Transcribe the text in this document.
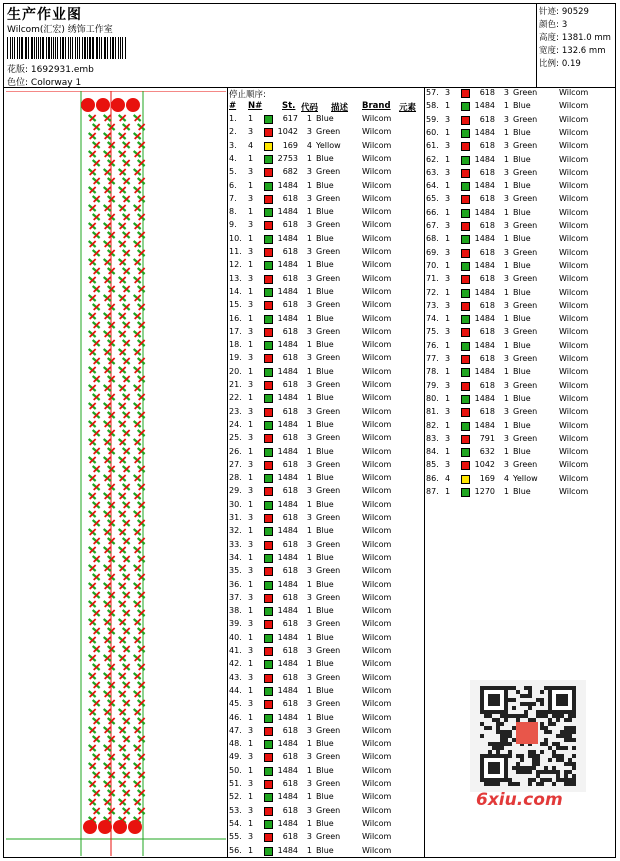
生产作业图
Wilcom(汇宏) 绣饰工作室
花版: 1692931.emb
色位: Colorway 1
针迹: 90529
颜色: 3
高度: 1381.0 mm
宽度: 132.6 mm
比例: 0.19
停止顺序:
# N# St. 代码 描述 Brand 元素
1. 1	617	1 Blue	Wilcom
2. 3	1042	3 Green	Wilcom
3. 4	169	4 Yellow	Wilcom
4. 1	2753	1 Blue	Wilcom
5. 3	682	3 Green	Wilcom
6. 1	1484	1 Blue	Wilcom
7. 3	618	3 Green	Wilcom
8. 1	1484	1 Blue	Wilcom
9. 3	618	3 Green	Wilcom
10. 1	1484	1 Blue	Wilcom
11. 3	618	3 Green	Wilcom
12. 1	1484	1 Blue	Wilcom
13. 3	618	3 Green	Wilcom
14. 1	1484	1 Blue	Wilcom
15. 3	618	3 Green	Wilcom
16. 1	1484	1 Blue	Wilcom
17. 3	618	3 Green	Wilcom
18. 1	1484	1 Blue	Wilcom
19. 3	618	3 Green	Wilcom
20. 1	1484	1 Blue	Wilcom
21. 3	618	3 Green	Wilcom
22. 1	1484	1 Blue	Wilcom
23. 3	618	3 Green	Wilcom
24. 1	1484	1 Blue	Wilcom
25. 3	618	3 Green	Wilcom
26. 1	1484	1 Blue	Wilcom
27. 3	618	3 Green	Wilcom
28. 1	1484	1 Blue	Wilcom
29. 3	618	3 Green	Wilcom
30. 1	1484	1 Blue	Wilcom
31. 3	618	3 Green	Wilcom
32. 1	1484	1 Blue	Wilcom
33. 3	618	3 Green	Wilcom
34. 1	1484	1 Blue	Wilcom
35. 3	618	3 Green	Wilcom
36. 1	1484	1 Blue	Wilcom
37. 3	618	3 Green	Wilcom
38. 1	1484	1 Blue	Wilcom
39. 3	618	3 Green	Wilcom
40. 1	1484	1 Blue	Wilcom
41. 3	618	3 Green	Wilcom
42. 1	1484	1 Blue	Wilcom
43. 3	618	3 Green	Wilcom
44. 1	1484	1 Blue	Wilcom
45. 3	618	3 Green	Wilcom
46. 1	1484	1 Blue	Wilcom
47. 3	618	3 Green	Wilcom
48. 1	1484	1 Blue	Wilcom
49. 3	618	3 Green	Wilcom
50. 1	1484	1 Blue	Wilcom
51. 3	618	3 Green	Wilcom
52. 1	1484	1 Blue	Wilcom
53. 3	618	3 Green	Wilcom
54. 1	1484	1 Blue	Wilcom
55. 3	618	3 Green	Wilcom
56. 1	1484	1 Blue	Wilcom
57. 3	618	3 Green	Wilcom
58. 1	1484	1 Blue	Wilcom
59. 3	618	3 Green	Wilcom
60. 1	1484	1 Blue	Wilcom
61. 3	618	3 Green	Wilcom
62. 1	1484	1 Blue	Wilcom
63. 3	618	3 Green	Wilcom
64. 1	1484	1 Blue	Wilcom
65. 3	618	3 Green	Wilcom
66. 1	1484	1 Blue	Wilcom
67. 3	618	3 Green	Wilcom
68. 1	1484	1 Blue	Wilcom
69. 3	618	3 Green	Wilcom
70. 1	1484	1 Blue	Wilcom
71. 3	618	3 Green	Wilcom
72. 1	1484	1 Blue	Wilcom
73. 3	618	3 Green	Wilcom
74. 1	1484	1 Blue	Wilcom
75. 3	618	3 Green	Wilcom
76. 1	1484	1 Blue	Wilcom
77. 3	618	3 Green	Wilcom
78. 1	1484	1 Blue	Wilcom
79. 3	618	3 Green	Wilcom
80. 1	1484	1 Blue	Wilcom
81. 3	618	3 Green	Wilcom
82. 1	1484	1 Blue	Wilcom
83. 3	791	3 Green	Wilcom
84. 1	632	1 Blue	Wilcom
85. 3	1042	3 Green	Wilcom
86. 4	169	4 Yellow	Wilcom
87. 1	1270	1 Blue	Wilcom
6xiu.com
